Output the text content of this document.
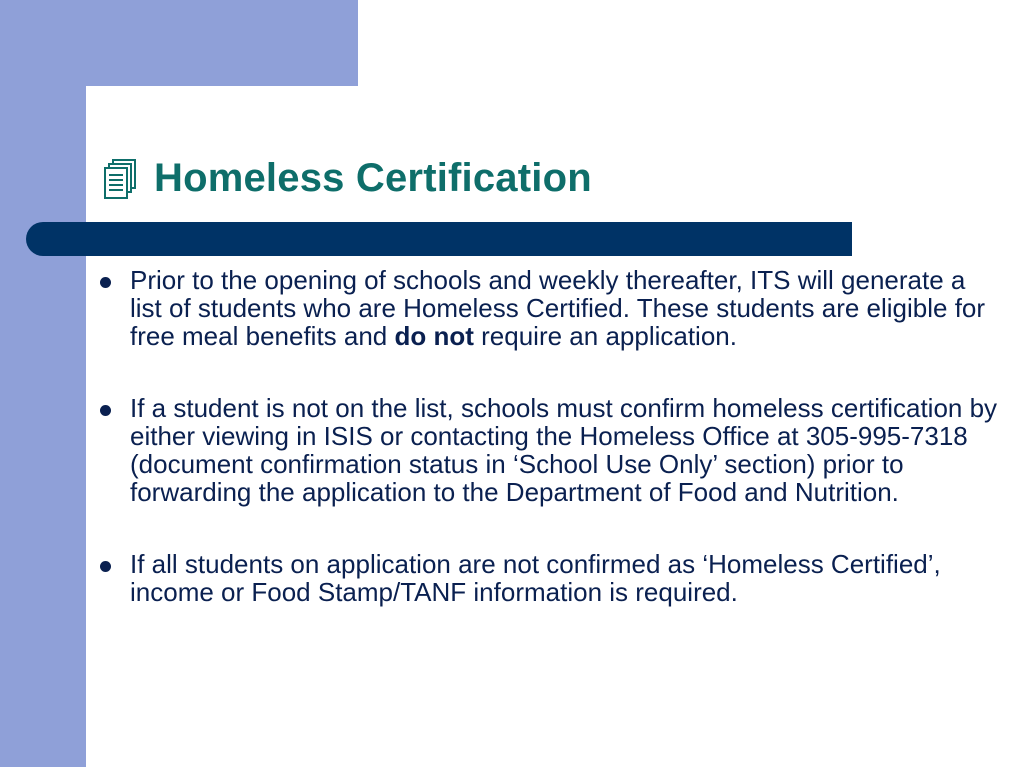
Homeless Certification
Prior to the opening of schools and weekly thereafter, ITS will generate a list of students who are Homeless Certified. These students are eligible for free meal benefits and do not require an application.
If a student is not on the list, schools must confirm homeless certification by either viewing in ISIS or contacting the Homeless Office at 305-995-7318 (document confirmation status in ‘School Use Only’ section) prior to forwarding the application to the Department of Food and Nutrition.
If all students on application are not confirmed as ‘Homeless Certified’, income or Food Stamp/TANF information is required.
